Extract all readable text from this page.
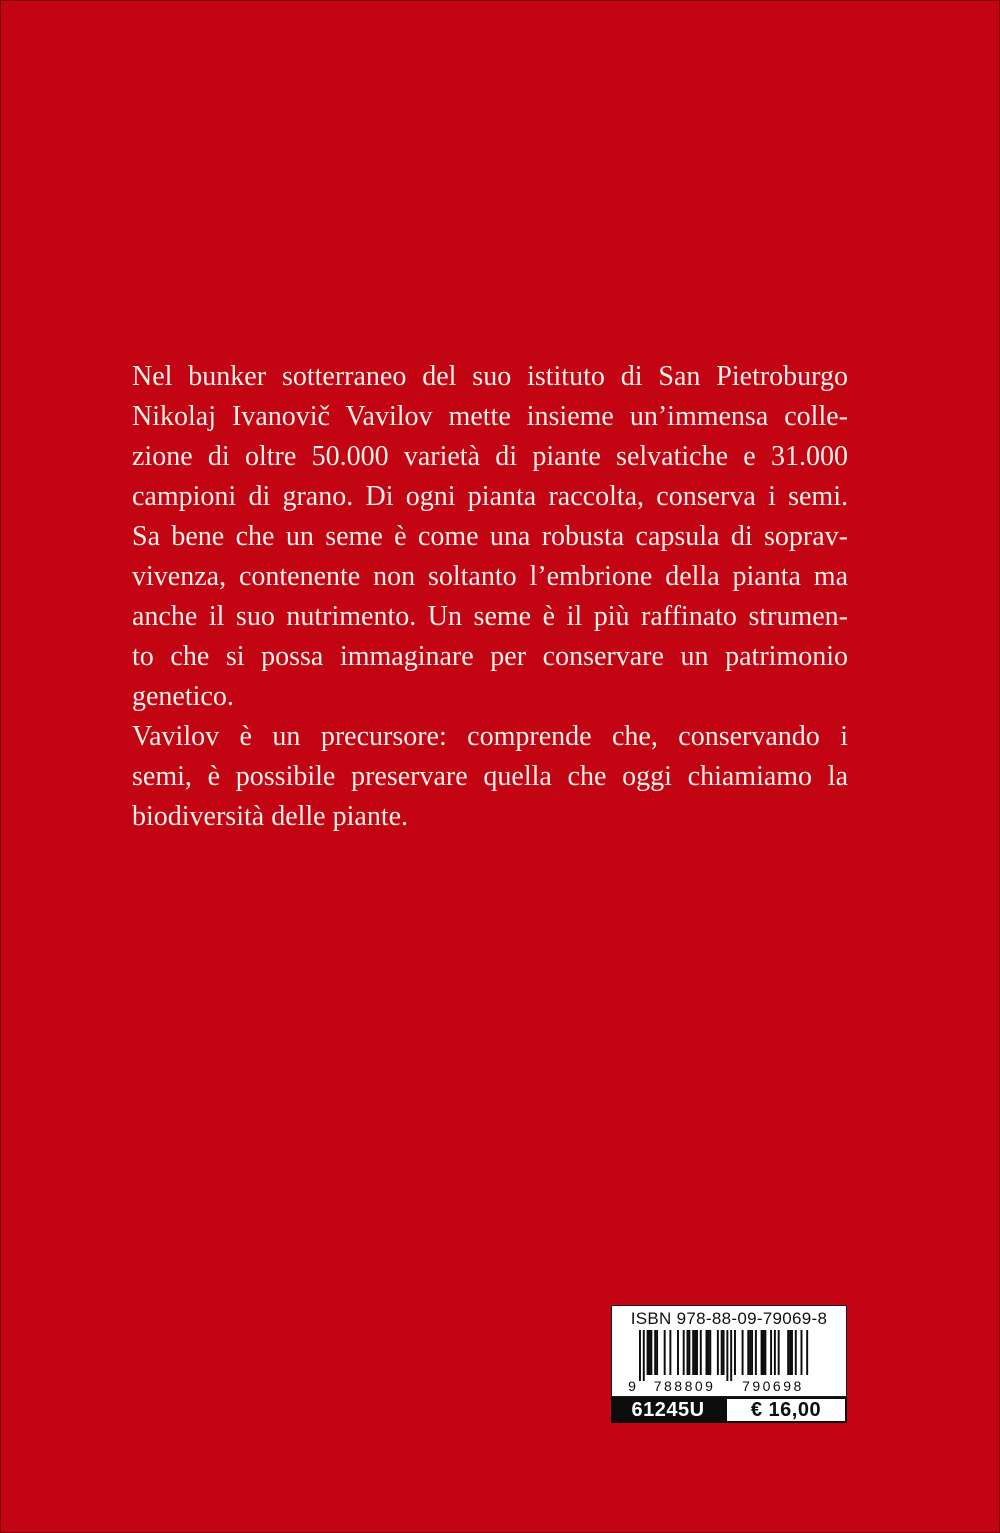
Nel bunker sotterraneo del suo istituto di San Pietroburgo
Nikolaj Ivanovič Vavilov mette insieme un’immensa colle-
zione di oltre 50.000 varietà di piante selvatiche e 31.000
campioni di grano. Di ogni pianta raccolta, conserva i semi.
Sa bene che un seme è come una robusta capsula di soprav-
vivenza, contenente non soltanto l’embrione della pianta ma
anche il suo nutrimento. Un seme è il più raffinato strumen-
to che si possa immaginare per conservare un patrimonio
genetico.
Vavilov è un precursore: comprende che, conservando i
semi, è possibile preservare quella che oggi chiamiamo la
biodiversità delle piante.
ISBN 978-88-09-79069-8
9 788809 790698
61245U	€ 16,00
